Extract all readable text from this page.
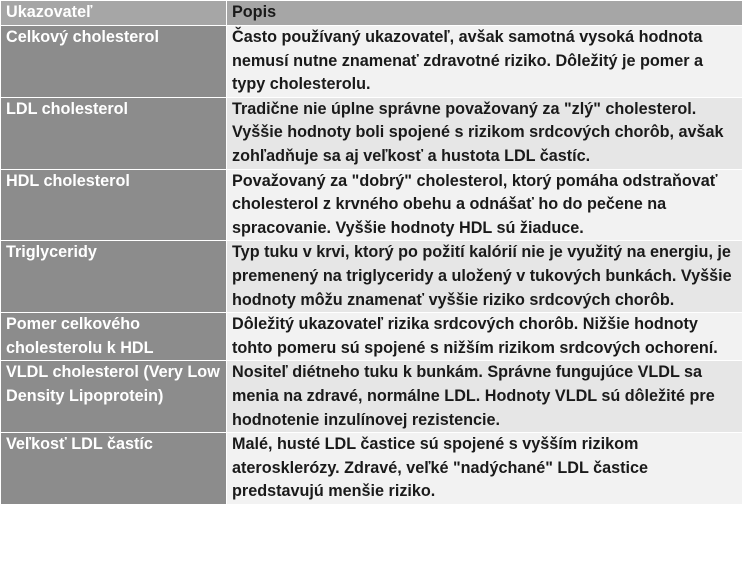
Ukazovateľ	Popis
Celkový cholesterol	Často používaný ukazovateľ, avšak samotná vysoká hodnota nemusí nutne znamenať zdravotné riziko. Dôležitý je pomer a typy cholesterolu.
LDL cholesterol	Tradične nie úplne správne považovaný za "zlý" cholesterol. Vyššie hodnoty boli spojené s rizikom srdcových chorôb, avšak zohľadňuje sa aj veľkosť a hustota LDL častíc.
HDL cholesterol	Považovaný za "dobrý" cholesterol, ktorý pomáha odstraňovať cholesterol z krvného obehu a odnášať ho do pečene na spracovanie. Vyššie hodnoty HDL sú žiaduce.
Triglyceridy	Typ tuku v krvi, ktorý po požití kalórií nie je využitý na energiu, je premenený na triglyceridy a uložený v tukových bunkách. Vyššie hodnoty môžu znamenať vyššie riziko srdcových chorôb.
Pomer celkového cholesterolu k HDL	Dôležitý ukazovateľ rizika srdcových chorôb. Nižšie hodnoty tohto pomeru sú spojené s nižším rizikom srdcových ochorení.
VLDL cholesterol (Very Low Density Lipoprotein)	Nositeľ diétneho tuku k bunkám. Správne fungujúce VLDL sa menia na zdravé, normálne LDL. Hodnoty VLDL sú dôležité pre hodnotenie inzulínovej rezistencie.
Veľkosť LDL častíc	Malé, husté LDL častice sú spojené s vyšším rizikom aterosklerózy. Zdravé, veľké "nadýchané" LDL častice predstavujú menšie riziko.
